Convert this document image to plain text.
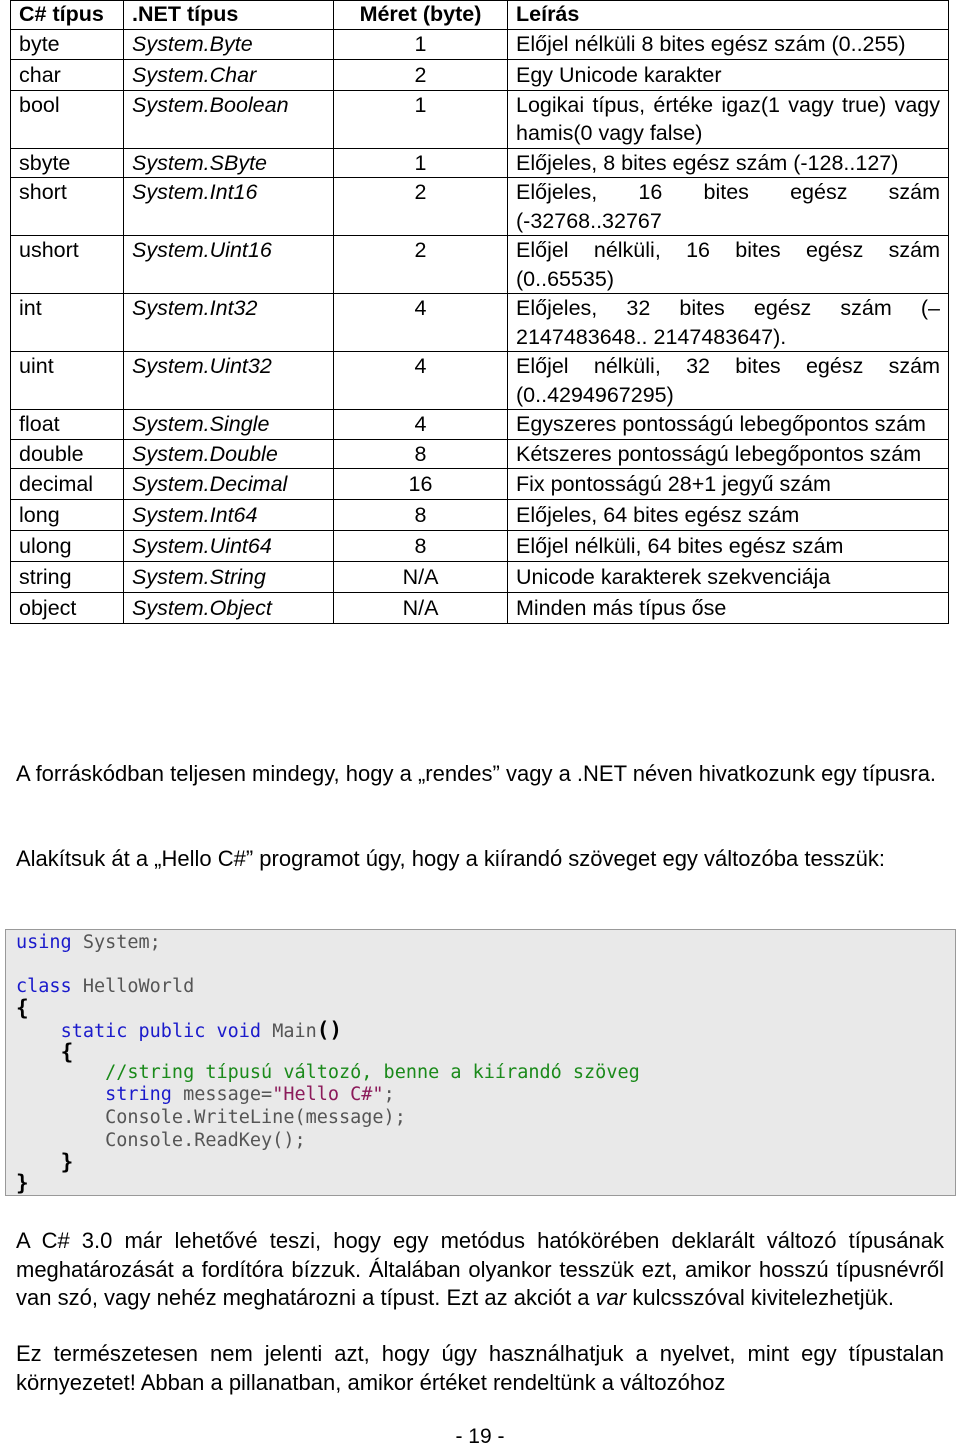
C# típus	.NET típus	Méret (byte)	Leírás
byte	System.Byte	1	Előjel nélküli 8 bites egész szám (0..255)
char	System.Char	2	Egy Unicode karakter
bool	System.Boolean	1	Logikai típus, értéke igaz(1 vagy true) vagy hamis(0 vagy false)
sbyte	System.SByte	1	Előjeles, 8 bites egész szám (-128..127)
short	System.Int16	2	Előjeles, 16 bites egész szám (-32768..32767
ushort	System.Uint16	2	Előjel nélküli, 16 bites egész szám (0..65535)
int	System.Int32	4	Előjeles, 32 bites egész szám (– 2147483648.. 2147483647).
uint	System.Uint32	4	Előjel nélküli, 32 bites egész szám (0..4294967295)
float	System.Single	4	Egyszeres pontosságú lebegőpontos szám
double	System.Double	8	Kétszeres pontosságú lebegőpontos szám
decimal	System.Decimal	16	Fix pontosságú 28+1 jegyű szám
long	System.Int64	8	Előjeles, 64 bites egész szám
ulong	System.Uint64	8	Előjel nélküli, 64 bites egész szám
string	System.String	N/A	Unicode karakterek szekvenciája
object	System.Object	N/A	Minden más típus őse

A forráskódban teljesen mindegy, hogy a „rendes” vagy a .NET néven hivatkozunk egy típusra.

Alakítsuk át a „Hello C#” programot úgy, hogy a kiírandó szöveget egy változóba tesszük:

using System;
class HelloWorld
{
static public void Main()
{
//string típusú változó, benne a kiírandó szöveg
string message="Hello C#";
Console.WriteLine(message);
Console.ReadKey();
}
}

A C# 3.0 már lehetővé teszi, hogy egy metódus hatókörében deklarált változó típusának meghatározását a fordítóra bízzuk. Általában olyankor tesszük ezt, amikor hosszú típusnévről van szó, vagy nehéz meghatározni a típust. Ezt az akciót a var kulcsszóval kivitelezhetjük.

Ez természetesen nem jelenti azt, hogy úgy használhatjuk a nyelvet, mint egy típustalan környezetet! Abban a pillanatban, amikor értéket rendeltünk a változóhoz

- 19 -
